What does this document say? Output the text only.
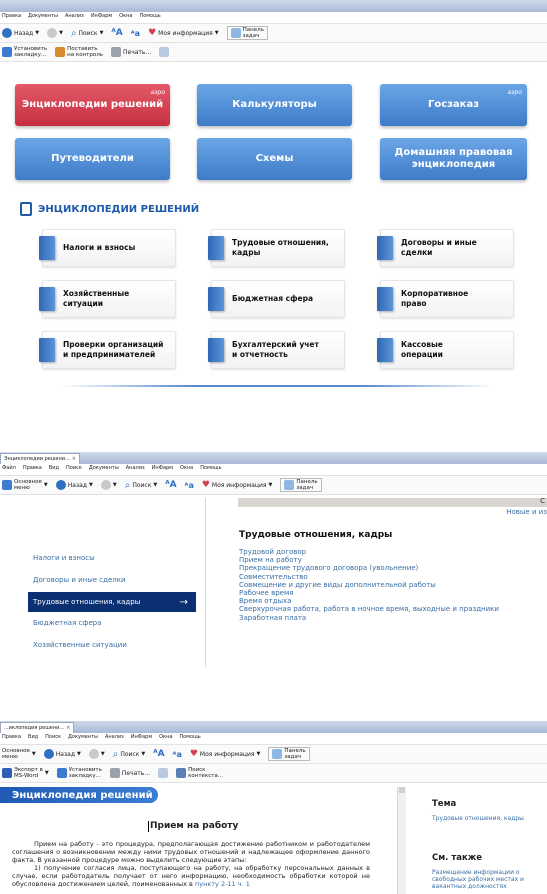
Правка Документы Анализ ИнФарм Окна Помощь
Назад ▼	▼ ⌕ Поиск ▼ ᴬA ᴬa ♥ Моя информация ▼	Панель
задач
Установить
закладку...
Поставить
на контроль	Печать...
Энциклопедии решений
аэро
Калькуляторы	Госзаказ
аэро
Путеводители	Схемы
Домашняя правовая
энциклопедия
ЭНЦИКЛОПЕДИИ РЕШЕНИЙ
Налоги и взносы
Трудовые отношения,
кадры
Договоры и иные
сделки
Хозяйственные
ситуации
Бюджетная сфера
Корпоративное
право
Проверки организаций
и предпринимателей
Бухгалтерский учет
и отчетность
Кассовые
операции
Энциклопедии решени... ×
Файл Правка Вид Поиск Документы Анализ ИнФарм Окна Помощь
Основное
меню	▼	Назад ▼	▼ ⌕ Поиск ▼ ᴬA ᴬa ♥ Моя информация ▼	Панель
задач
Налоги и взносы
Договоры и иные сделки
Трудовые отношения, кадры	→
Бюджетная сфера
Хозяйственные ситуации
С
Новые и из
Трудовые отношения, кадры
Трудовой договор
Прием на работу
Прекращение трудового договора (увольнение)
Совместительство
Совмещение и другие виды дополнительной работы
Рабочее время
Время отдыха
Сверхурочная работа, работа в ночное время, выходные и праздники
Заработная плата
...иклопедия решени... ×
Правка Вид Поиск Документы Анализ ИнФарм Окна Помощь
Основное
меню	▼	Назад ▼	▼ ⌕ Поиск ▼ ᴬA ᴬa ♥ Моя информация ▼	Панель
задач
Экспорт в
MS-Word	▼	Установить
закладку...	Печать...	Поиск
контекста...
Энциклопедия решений
Прием на работу

Прием на работу - это процедура, предполагающая достижение работником и работодателем соглашения о возникновении между ними трудовых отношений и надлежащее оформление данного факта. В указанной процедуре можно выделить следующие этапы:

1) получение согласия лица, поступающего на работу, на обработку персональных данных в случае, если работодатель получает от него информацию, необходимость обработки которой не обусловлена достижением целей, поименованных в пункту 2-11 ч. 1

Тема
Трудовые отношения, кадры
См. также
Размещение информации о свободных рабочих местах и вакантных должностях
